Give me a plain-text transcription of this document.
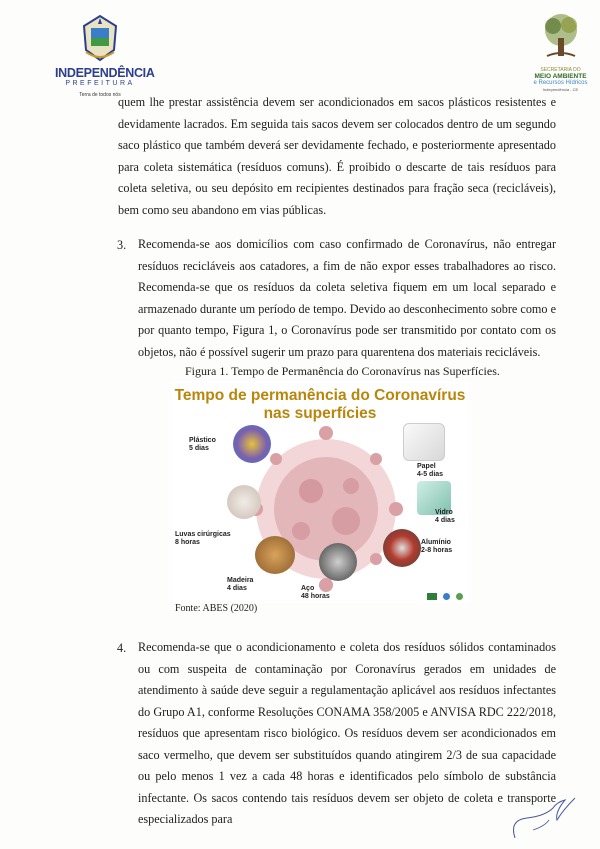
INDEPENDÊNCIA
PREFEITURA
Terra de todos nós
SECRETARIA DO
MEIO AMBIENTE
e Recursos Hídricos
Independência - CE

quem lhe prestar assistência devem ser acondicionados em sacos plásticos resistentes e devidamente lacrados. Em seguida tais sacos devem ser colocados dentro de um segundo saco plástico que também deverá ser devidamente fechado, e posteriormente apresentado para coleta sistemática (resíduos comuns). É proibido o descarte de tais resíduos para coleta seletiva, ou seu depósito em recipientes destinados para fração seca (recicláveis), bem como seu abandono em vias públicas.

3. Recomenda-se aos domicílios com caso confirmado de Coronavírus, não entregar resíduos recicláveis aos catadores, a fim de não expor esses trabalhadores ao risco. Recomenda-se que os resíduos da coleta seletiva fiquem em um local separado e armazenado durante um período de tempo. Devido ao desconhecimento sobre como e por quanto tempo, Figura 1, o Coronavírus pode ser transmitido por contato com os objetos, não é possível sugerir um prazo para quarentena dos materiais recicláveis.

Figura 1. Tempo de Permanência do Coronavírus nas Superfícies.
Tempo de permanência do Coronavírus
nas superfícies
Plástico
5 dias
Papel
4-5 dias
Vidro
4 dias
Luvas cirúrgicas
8 horas	Alumínio
2-8 horas
Madeira
4 dias	Aço
48 horas

Fonte: ABES (2020)
4. Recomenda-se que o acondicionamento e coleta dos resíduos sólidos contaminados ou com suspeita de contaminação por Coronavírus gerados em unidades de atendimento à saúde deve seguir a regulamentação aplicável aos resíduos infectantes do Grupo A1, conforme Resoluções CONAMA 358/2005 e ANVISA RDC 222/2018, resíduos que apresentam risco biológico. Os resíduos devem ser acondicionados em saco vermelho, que devem ser substituídos quando atingirem 2/3 de sua capacidade ou pelo menos 1 vez a cada 48 horas e identificados pelo símbolo de substância infectante. Os sacos contendo tais resíduos devem ser objeto de coleta e transporte especializados para
